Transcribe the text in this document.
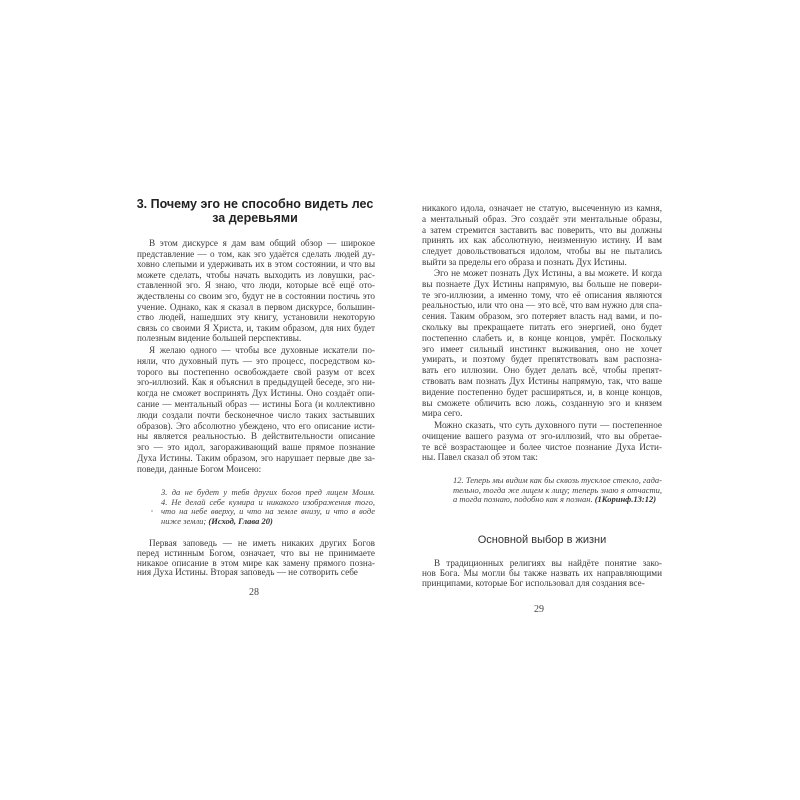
3. Почему эго не способно видеть лес
за деревьями
В этом дискурсе я дам вам общий обзор — широкое
представление — о том, как эго удаётся сделать людей ду-
ховно слепыми и удерживать их в этом состоянии, и что вы
можете сделать, чтобы начать выходить из ловушки, рас-
ставленной эго. Я знаю, что люди, которые всё ещё ото-
ждествлены со своим эго, будут не в состоянии постичь это
учение. Однако, как я сказал в первом дискурсе, большин-
ство людей, нашедших эту книгу, установили некоторую
связь со своими Я Христа, и, таким образом, для них будет
полезным видение большей перспективы.
Я желаю одного — чтобы все духовные искатели по-
няли, что духовный путь — это процесс, посредством ко-
торого вы постепенно освобождаете свой разум от всех
эго-иллюзий. Как я объяснил в предыдущей беседе, эго ни-
когда не сможет воспринять Дух Истины. Оно создаёт опи-
сание — ментальный образ — истины Бога (и коллективно
люди создали почти бесконечное число таких застывших
образов). Эго абсолютно убеждено, что его описание исти-
ны является реальностью. В действительности описание
эго — это идол, загораживающий ваше прямое познание
Духа Истины. Таким образом, эго нарушает первые две за-
поведи, данные Богом Моисею:
3. да не будет у тебя других богов пред лицем Моим.
4. Не делай себе кумира и никакого изображения того,
что на небе вверху, и что на земле внизу, и что в воде
ниже земли; (Исход, Глава 20)
Первая заповедь — не иметь никаких других Богов
перед истинным Богом, означает, что вы не принимаете
никакое описание в этом мире как замену прямого позна-
ния Духа Истины. Вторая заповедь — не сотворить себе
28
никакого идола, означает не статую, высеченную из камня,
а ментальный образ. Эго создаёт эти ментальные образы,
а затем стремится заставить вас поверить, что вы должны
принять их как абсолютную, неизменную истину. И вам
следует довольствоваться идолом, чтобы вы не пытались
выйти за пределы его образа и познать Дух Истины.
Эго не может познать Дух Истины, а вы можете. И когда
вы познаете Дух Истины напрямую, вы больше не повери-
те эго-иллюзии, а именно тому, что её описания являются
реальностью, или что она — это всё, что вам нужно для спа-
сения. Таким образом, эго потеряет власть над вами, и по-
скольку вы прекращаете питать его энергией, оно будет
постепенно слабеть и, в конце концов, умрёт. Поскольку
эго имеет сильный инстинкт выживания, оно не хочет
умирать, и поэтому будет препятствовать вам распозна-
вать его иллюзии. Оно будет делать всё, чтобы препят-
ствовать вам познать Дух Истины напрямую, так, что ваше
видение постепенно будет расширяться, и, в конце концов,
вы сможете обличить всю ложь, созданную эго и князем
мира сего.
Можно сказать, что суть духовного пути — постепенное
очищение вашего разума от эго-иллюзий, что вы обретае-
те всё возрастающее и более чистое познание Духа Исти-
ны. Павел сказал об этом так:
12. Теперь мы видим как бы сквозь тусклое стекло, гада-
тельно, тогда же лицем к лицу; теперь знаю я отчасти,
а тогда познаю, подобно как я познан. (1Коринф.13:12)
Основной выбор в жизни
В традиционных религиях вы найдёте понятие зако-
нов Бога. Мы могли бы также назвать их направляющими
принципами, которые Бог использовал для создания все-
29
